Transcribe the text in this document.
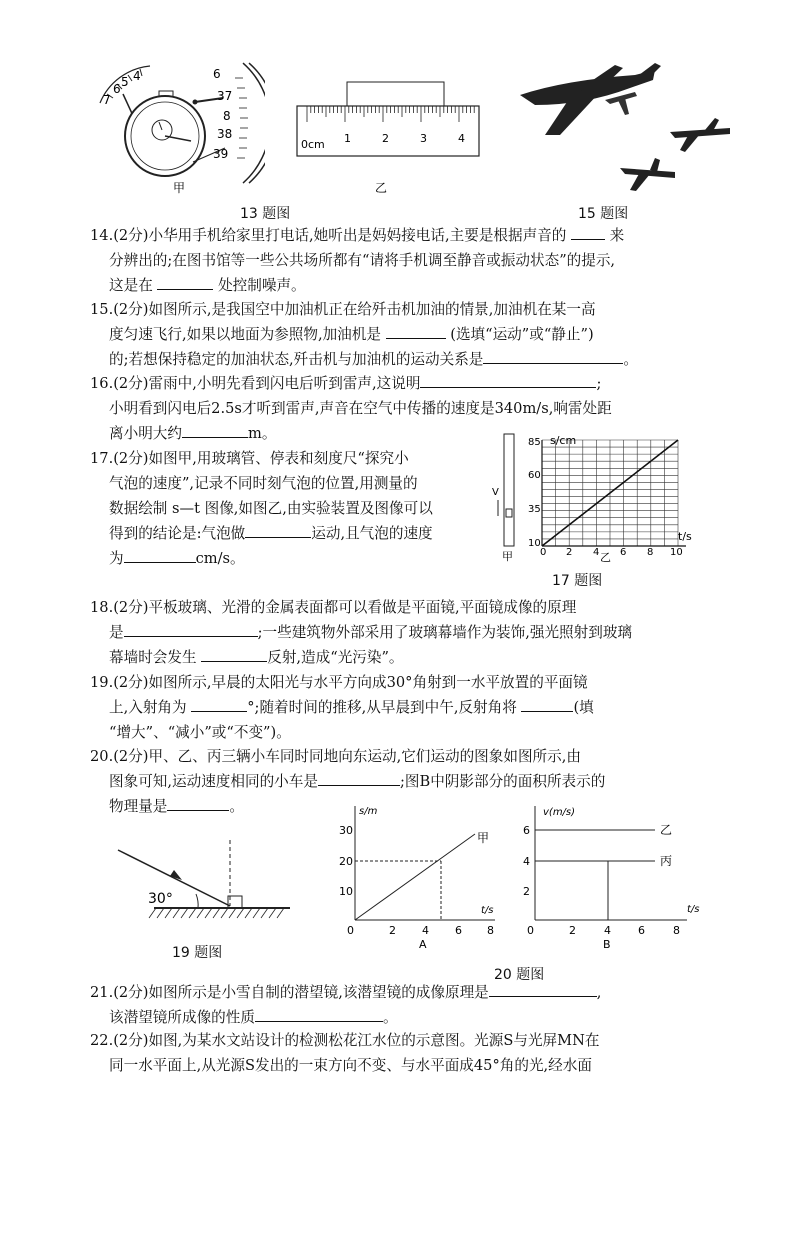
7
6 5 4	6
37
8
38
39
甲
0cm 1	2	3	4
乙
13 题图	15 题图
14.(2分)小华用手机给家里打电话,她听出是妈妈接电话,主要是根据声音的	来
分辨出的;在图书馆等一些公共场所都有“请将手机调至静音或振动状态”的提示,
这是在	处控制噪声。
15.(2分)如图所示,是我国空中加油机正在给歼击机加油的情景,加油机在某一高
度匀速飞行,如果以地面为参照物,加油机是	(选填“运动”或“静止”)
的;若想保持稳定的加油状态,歼击机与加油机的运动关系是	。
16.(2分)雷雨中,小明先看到闪电后听到雷声,这说明	;
小明看到闪电后2.5s才听到雷声,声音在空气中传播的速度是340m/s,响雷处距
离小明大约	m。
17.(2分)如图甲,用玻璃管、停表和刻度尺“探究小
气泡的速度”,记录不同时刻气泡的位置,用测量的
数据绘制 s—t 图像,如图乙,由实验装置及图像可以
得到的结论是:气泡做	运动,且气泡的速度
为	cm/s。
V
s/cm
t/s
85
60
35
10
0 2 4 6 8 10
甲	乙
17 题图
18.(2分)平板玻璃、光滑的金属表面都可以看做是平面镜,平面镜成像的原理
是	;一些建筑物外部采用了玻璃幕墙作为装饰,强光照射到玻璃
幕墙时会发生	反射,造成“光污染”。
19.(2分)如图所示,早晨的太阳光与水平方向成30°角射到一水平放置的平面镜
上,入射角为	°;随着时间的推移,从早晨到中午,反射角将	(填
“增大”、“减小”或“不变”)。
20.(2分)甲、乙、丙三辆小车同时同地向东运动,它们运动的图象如图所示,由
图象可知,运动速度相同的小车是	;图B中阴影部分的面积所表示的
物理量是	。
30°
19 题图
s/m
t/s
甲
30
20
10
0	2 4 6 8
A
v(m/s)
t/s
乙
丙
6
4
2
0	2	4 6	8
B
20 题图
21.(2分)如图所示是小雪自制的潜望镜,该潜望镜的成像原理是	,
该潜望镜所成像的性质	。
22.(2分)如图,为某水文站设计的检测松花江水位的示意图。光源S与光屏MN在
同一水平面上,从光源S发出的一束方向不变、与水平面成45°角的光,经水面
